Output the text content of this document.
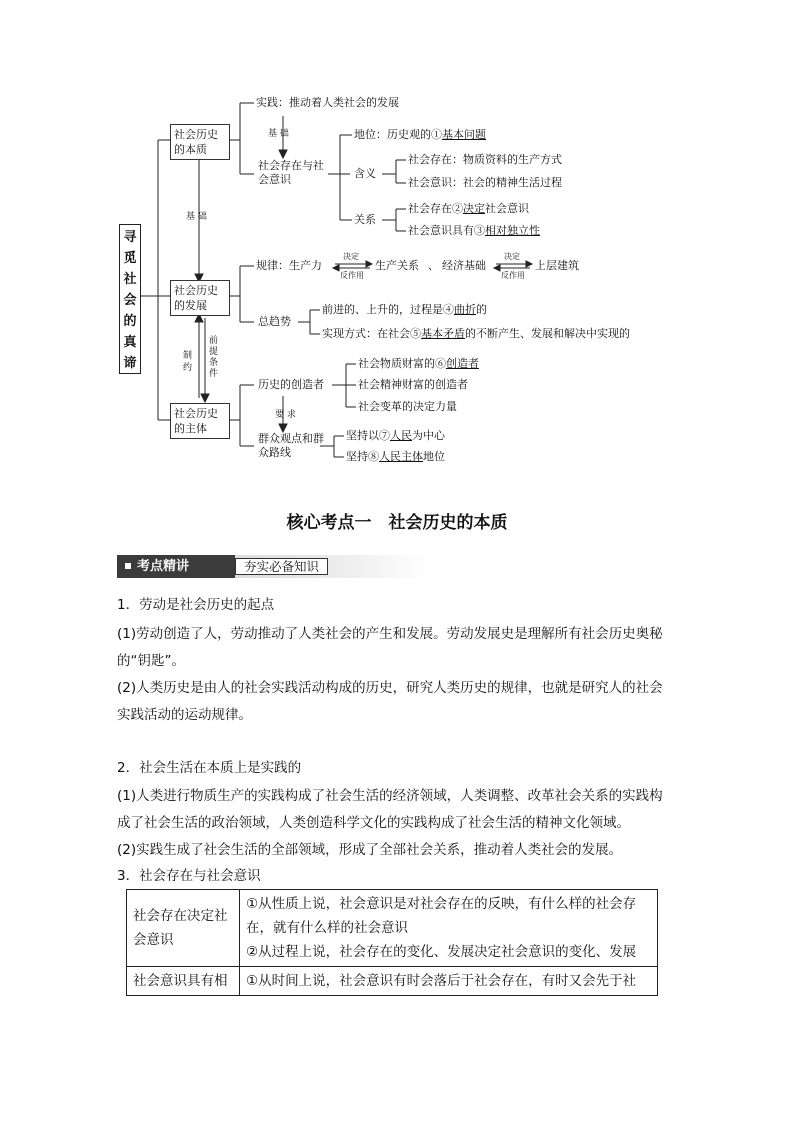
寻觅社会的真谛
社会历史的本质
社会历史的发展
社会历史的主体
实践：推动着人类社会的发展
基 础
社会存在与社会意识
地位：历史观的①基本问题
含义
社会存在：物质资料的生产方式
社会意识：社会的精神生活过程
关系
社会存在②决定社会意识
社会意识具有③相对独立性
基 础
规律：生产力
决定
反作用
生产关系 、 经济基础
决定
反作用
上层建筑
总趋势
前进的、上升的，过程是④曲折的
实现方式：在社会⑤基本矛盾的不断产生、发展和解决中实现的
制约
前提条件
历史的创造者
社会物质财富的⑥创造者
社会精神财富的创造者
社会变革的决定力量
要 求
群众观点和群众路线
坚持以⑦人民为中心
坚持⑧人民主体地位
核心考点一　社会历史的本质
考点精讲	夯实必备知识
1．劳动是社会历史的起点
(1)劳动创造了人，劳动推动了人类社会的产生和发展。劳动发展史是理解所有社会历史奥秘
的“钥匙”。
(2)人类历史是由人的社会实践活动构成的历史，研究人类历史的规律，也就是研究人的社会
实践活动的运动规律。
2．社会生活在本质上是实践的
(1)人类进行物质生产的实践构成了社会生活的经济领域，人类调整、改革社会关系的实践构
成了社会生活的政治领域，人类创造科学文化的实践构成了社会生活的精神文化领域。
(2)实践生成了社会生活的全部领域，形成了全部社会关系，推动着人类社会的发展。
3．社会存在与社会意识
社会存在决定社会意识	①从性质上说，社会意识是对社会存在的反映，有什么样的社会存
在，就有什么样的社会意识
②从过程上说，社会存在的变化、发展决定社会意识的变化、发展

社会意识具有相	①从时间上说，社会意识有时会落后于社会存在，有时又会先于社
